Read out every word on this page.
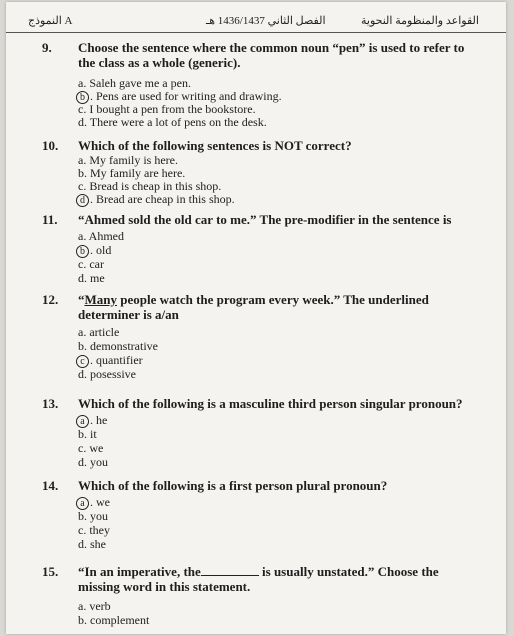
النموذج A	الفصل الثاني 1436/1437 هـ	القواعد والمنظومة النحوية
9. Choose the sentence where the common noun “pen” is used to refer to the class as a whole (generic).
a. Saleh gave me a pen.
b . Pens are used for writing and drawing.
c. I bought a pen from the bookstore.
d. There were a lot of pens on the desk.
10. Which of the following sentences is NOT correct?
a. My family is here.
b. My family are here.
c. Bread is cheap in this shop.
d . Bread are cheap in this shop.
11. “Ahmed sold the old car to me.” The pre-modifier in the sentence is
a. Ahmed
b . old
c. car
d. me
12. “Many people watch the program every week.” The underlined determiner is a/an
a. article
b. demonstrative
c . quantifier
d. posessive
13. Which of the following is a masculine third person singular pronoun?
a . he
b. it
c. we
d. you
14. Which of the following is a first person plural pronoun?
a . we
b. you
c. they
d. she
15. “In an imperative, the	is usually unstated.” Choose the missing word in this statement.
a. verb
b. complement
